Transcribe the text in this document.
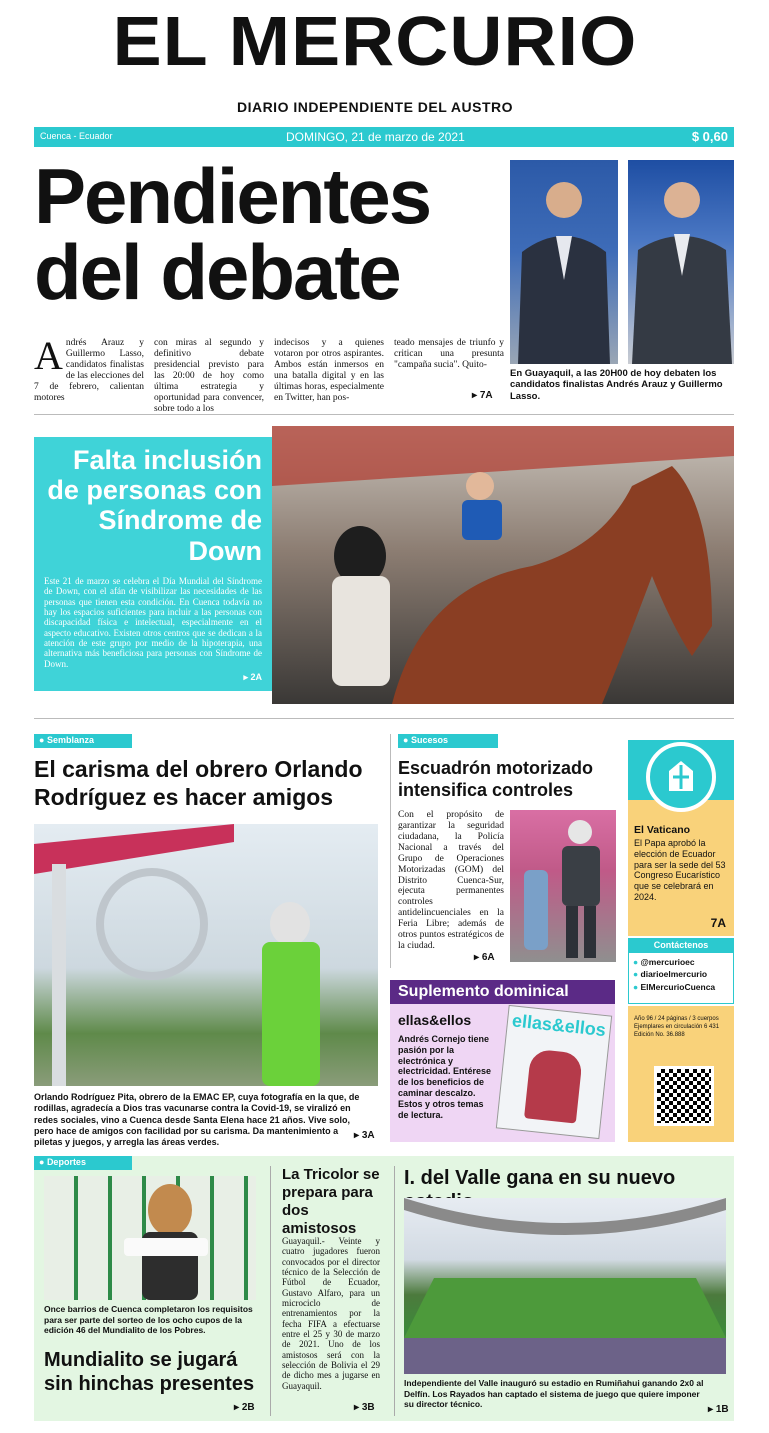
EL MERCURIO
DIARIO INDEPENDIENTE DEL AUSTRO
Cuenca - Ecuador	DOMINGO, 21 de marzo de 2021	$ 0,60
Pendientes del debate
Andrés Arauz y Guillermo Lasso, candidatos finalistas de las elecciones del 7 de febrero, calientan motores
con miras al segundo y definitivo debate presidencial previsto para las 20:00 de hoy como última estrategia y oportunidad para convencer, sobre todo a los
indecisos y a quienes votaron por otros aspirantes. Ambos están inmersos en una batalla digital y en las últimas horas, especialmente en Twitter, han pos-
teado mensajes de triunfo y critican una presunta "campaña sucia". Quito-
▸ 7A
En Guayaquil, a las 20H00 de hoy debaten los candidatos finalistas Andrés Arauz y Guillermo Lasso.
Falta inclusión de personas con Síndrome de Down
Este 21 de marzo se celebra el Día Mundial del Síndrome de Down, con el afán de visibilizar las necesidades de las personas que tienen esta condición. En Cuenca todavía no hay los espacios suficientes para incluir a las personas con discapacidad física e intelectual, especialmente en el aspecto educativo. Existen otros centros que se dedican a la atención de este grupo por medio de la hipoterapia, una alternativa más beneficiosa para personas con Síndrome de Down.
▸ 2A
Julio Daniel Álvarez recibe hipoterapia en el centro Kawallo.
● Semblanza
El carisma del obrero Orlando Rodríguez es hacer amigos
Orlando Rodríguez Pita, obrero de la EMAC EP, cuya fotografía en la que, de rodillas, agradecía a Dios tras vacunarse contra la Covid-19, se viralizó en redes sociales, vino a Cuenca desde Santa Elena hace 21 años. Vive solo, pero hace de amigos con facilidad por su carisma. Da mantenimiento a piletas y juegos, y arregla las áreas verdes.
▸ 3A
● Sucesos
Escuadrón motorizado intensifica controles
Con el propósito de garantizar la seguridad ciudadana, la Policía Nacional a través del Grupo de Operaciones Motorizadas (GOM) del Distrito Cuenca-Sur, ejecuta permanentes controles antidelincuenciales en la Feria Libre; además de otros puntos estratégicos de la ciudad.
▸ 6A
El Vaticano
El Papa aprobó la elección de Ecuador para ser la sede del 53 Congreso Eucarístico que se celebrará en 2024.
7A
Contáctenos
● @mercurioec
● diarioelmercurio
● ElMercurioCuenca
Año 96 / 24 páginas / 3 cuerpos Ejemplares en circulación 6 431 Edición No. 36.888
Suplemento dominical
ellas&ellos
Andrés Cornejo tiene pasión por la electrónica y electricidad. Entérese de los beneficios de caminar descalzo. Estos y otros temas de lectura.
ellas&ellos
● Deportes
Once barrios de Cuenca completaron los requisitos para ser parte del sorteo de los ocho cupos de la edición 46 del Mundialito de los Pobres.
Mundialito se jugará sin hinchas presentes
▸ 2B
La Tricolor se prepara para dos amistosos
Guayaquil.- Veinte y cuatro jugadores fueron convocados por el director técnico de la Selección de Fútbol de Ecuador, Gustavo Alfaro, para un microciclo de entrenamientos por la fecha FIFA a efectuarse entre el 25 y 30 de marzo de 2021. Uno de los amistosos será con la selección de Bolivia el 29 de dicho mes a jugarse en Guayaquil.
▸ 3B
I. del Valle gana en su nuevo
Independiente del Valle inauguró su estadio en Rumiñahui ganando 2x0 al Delfín. Los Rayados han captado el sistema de juego que quiere imponer su director técnico.	▸ 1B
